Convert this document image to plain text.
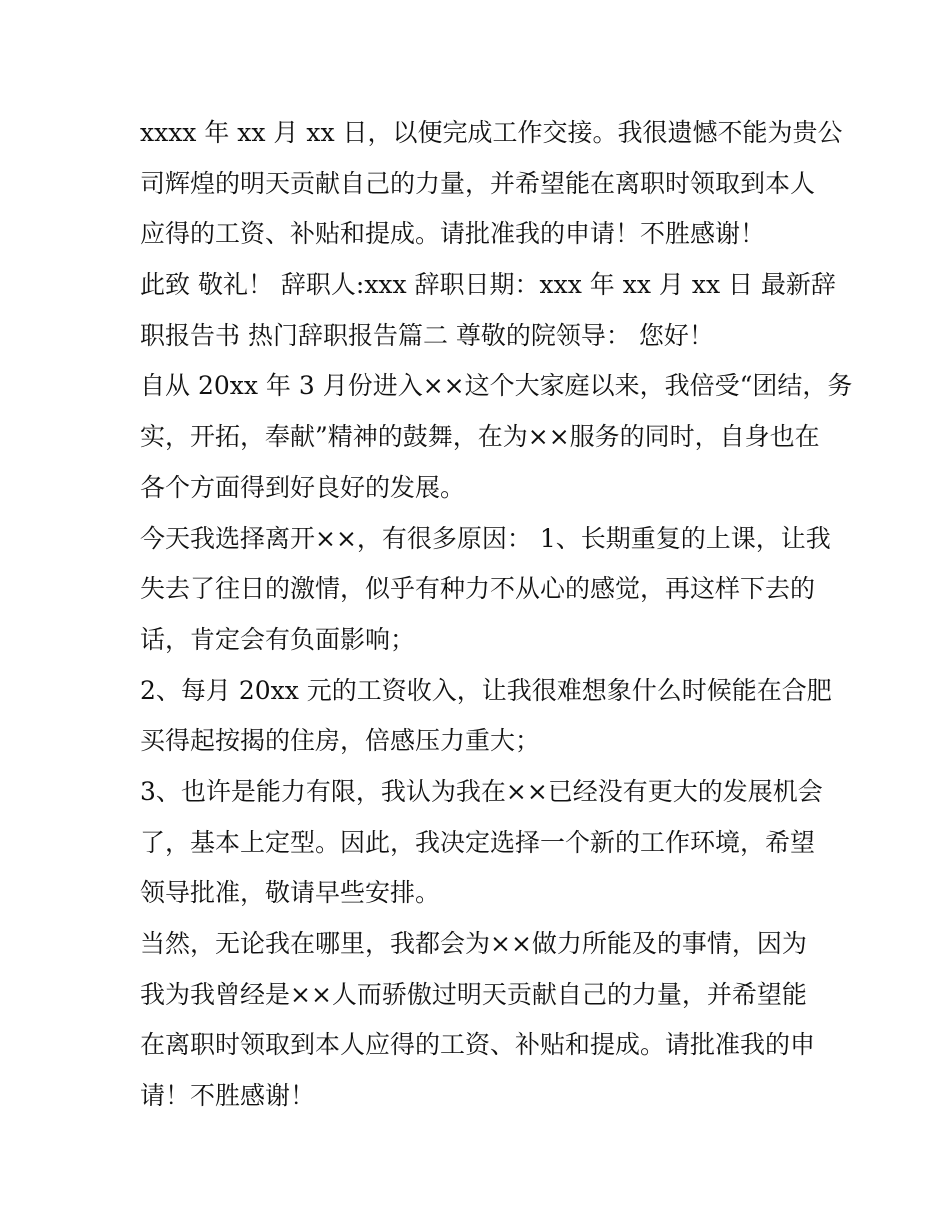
xxxx 年 xx 月 xx 日，以便完成工作交接。我很遗憾不能为贵公
司辉煌的明天贡献自己的力量，并希望能在离职时领取到本人
应得的工资、补贴和提成。请批准我的申请！不胜感谢！
此致 敬礼！ 辞职人:xxx 辞职日期：xxx 年 xx 月 xx 日 最新辞
职报告书 热门辞职报告篇二 尊敬的院领导： 您好！
自从 20xx 年 3 月份进入××这个大家庭以来，我倍受“团结，务
实，开拓，奉献”精神的鼓舞，在为××服务的同时，自身也在
各个方面得到好良好的发展。
今天我选择离开××，有很多原因： 1、长期重复的上课，让我
失去了往日的激情，似乎有种力不从心的感觉，再这样下去的
话，肯定会有负面影响；
2、每月 20xx 元的工资收入，让我很难想象什么时候能在合肥
买得起按揭的住房，倍感压力重大；
3、也许是能力有限，我认为我在××已经没有更大的发展机会
了，基本上定型。因此，我决定选择一个新的工作环境，希望
领导批准，敬请早些安排。
当然，无论我在哪里，我都会为××做力所能及的事情，因为
我为我曾经是××人而骄傲过明天贡献自己的力量，并希望能
在离职时领取到本人应得的工资、补贴和提成。请批准我的申
请！不胜感谢！
